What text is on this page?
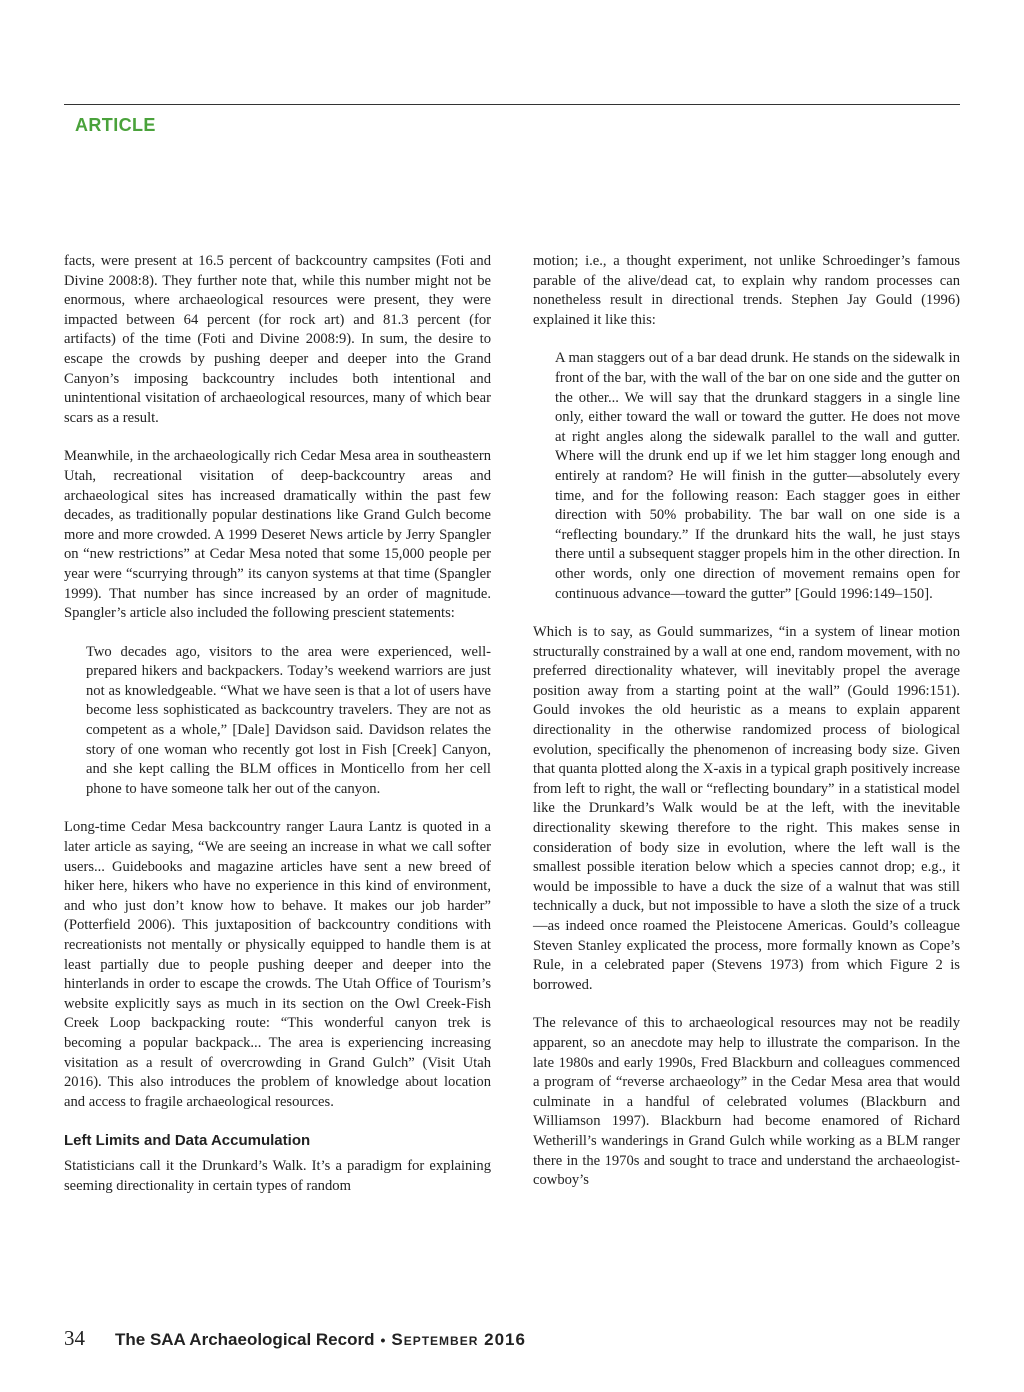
ARTICLE

facts, were present at 16.5 percent of backcountry campsites (Foti and Divine 2008:8). They further note that, while this number might not be enormous, where archaeological resources were present, they were impacted between 64 percent (for rock art) and 81.3 percent (for artifacts) of the time (Foti and Divine 2008:9). In sum, the desire to escape the crowds by pushing deeper and deeper into the Grand Canyon’s imposing backcountry includes both intentional and unintentional visitation of archaeological resources, many of which bear scars as a result.

Meanwhile, in the archaeologically rich Cedar Mesa area in southeastern Utah, recreational visitation of deep-backcountry areas and archaeological sites has increased dramatically within the past few decades, as traditionally popular destinations like Grand Gulch become more and more crowded. A 1999 Deseret News article by Jerry Spangler on “new restrictions” at Cedar Mesa noted that some 15,000 people per year were “scurrying through” its canyon systems at that time (Spangler 1999). That number has since increased by an order of magnitude. Spangler’s article also included the following prescient statements:

Two decades ago, visitors to the area were experienced, well-prepared hikers and backpackers. Today’s weekend warriors are just not as knowledgeable. “What we have seen is that a lot of users have become less sophisticated as backcountry travelers. They are not as competent as a whole,” [Dale] Davidson said. Davidson relates the story of one woman who recently got lost in Fish [Creek] Canyon, and she kept calling the BLM offices in Monticello from her cell phone to have someone talk her out of the canyon.

Long-time Cedar Mesa backcountry ranger Laura Lantz is quoted in a later article as saying, “We are seeing an increase in what we call softer users... Guidebooks and magazine articles have sent a new breed of hiker here, hikers who have no experience in this kind of environment, and who just don’t know how to behave. It makes our job harder” (Potterfield 2006). This juxtaposition of backcountry conditions with recreationists not mentally or physically equipped to handle them is at least partially due to people pushing deeper and deeper into the hinterlands in order to escape the crowds. The Utah Office of Tourism’s website explicitly says as much in its section on the Owl Creek-Fish Creek Loop backpacking route: “This wonderful canyon trek is becoming a popular backpack... The area is experiencing increasing visitation as a result of overcrowding in Grand Gulch” (Visit Utah 2016). This also introduces the problem of knowledge about location and access to fragile archaeological resources.

Left Limits and Data Accumulation

Statisticians call it the Drunkard’s Walk. It’s a paradigm for explaining seeming directionality in certain types of random

motion; i.e., a thought experiment, not unlike Schroedinger’s famous parable of the alive/dead cat, to explain why random processes can nonetheless result in directional trends. Stephen Jay Gould (1996) explained it like this:

A man staggers out of a bar dead drunk. He stands on the sidewalk in front of the bar, with the wall of the bar on one side and the gutter on the other... We will say that the drunkard staggers in a single line only, either toward the wall or toward the gutter. He does not move at right angles along the sidewalk parallel to the wall and gutter. Where will the drunk end up if we let him stagger long enough and entirely at random? He will finish in the gutter—absolutely every time, and for the following reason: Each stagger goes in either direction with 50% probability. The bar wall on one side is a “reflecting boundary.” If the drunkard hits the wall, he just stays there until a subsequent stagger propels him in the other direction. In other words, only one direction of movement remains open for continuous advance—toward the gutter” [Gould 1996:149–150].

Which is to say, as Gould summarizes, “in a system of linear motion structurally constrained by a wall at one end, random movement, with no preferred directionality whatever, will inevitably propel the average position away from a starting point at the wall” (Gould 1996:151). Gould invokes the old heuristic as a means to explain apparent directionality in the otherwise randomized process of biological evolution, specifically the phenomenon of increasing body size. Given that quanta plotted along the X-axis in a typical graph positively increase from left to right, the wall or “reflecting boundary” in a statistical model like the Drunkard’s Walk would be at the left, with the inevitable directionality skewing therefore to the right. This makes sense in consideration of body size in evolution, where the left wall is the smallest possible iteration below which a species cannot drop; e.g., it would be impossible to have a duck the size of a walnut that was still technically a duck, but not impossible to have a sloth the size of a truck—as indeed once roamed the Pleistocene Americas. Gould’s colleague Steven Stanley explicated the process, more formally known as Cope’s Rule, in a celebrated paper (Stevens 1973) from which Figure 2 is borrowed.

The relevance of this to archaeological resources may not be readily apparent, so an anecdote may help to illustrate the comparison. In the late 1980s and early 1990s, Fred Blackburn and colleagues commenced a program of “reverse archaeology” in the Cedar Mesa area that would culminate in a handful of celebrated volumes (Blackburn and Williamson 1997). Blackburn had become enamored of Richard Wetherill’s wanderings in Grand Gulch while working as a BLM ranger there in the 1970s and sought to trace and understand the archaeologist-cowboy’s

34 The SAA Archaeological Record • September 2016
